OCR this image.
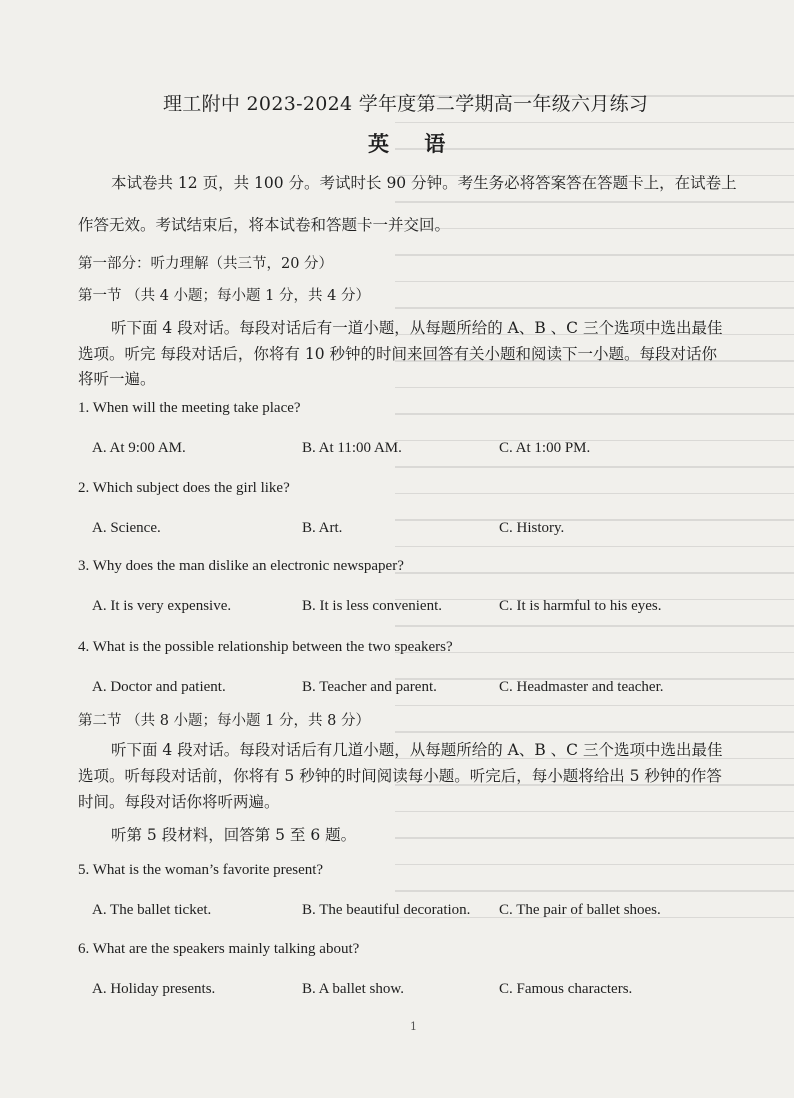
理工附中 2023-2024 学年度第二学期高一年级六月练习
英 语
本试卷共 12 页，共 100 分。考试时长 90 分钟。考生务必将答案答在答题卡上，在试卷上
作答无效。考试结束后，将本试卷和答题卡一并交回。
第一部分：听力理解（共三节，20 分）
第一节 （共 4 小题；每小题 1 分，共 4 分）
听下面 4 段对话。每段对话后有一道小题，从每题所给的 A、B 、C 三个选项中选出最佳
选项。听完 每段对话后，你将有 10 秒钟的时间来回答有关小题和阅读下一小题。每段对话你
将听一遍。
1. When will the meeting take place?
A. At 9:00 AM.	B. At 11:00 AM.	C. At 1:00 PM.
2. Which subject does the girl like?
A. Science.	B. Art.	C. History.
3. Why does the man dislike an electronic newspaper?
A. It is very expensive.	B. It is less convenient.	C. It is harmful to his eyes.
4. What is the possible relationship between the two speakers?
A. Doctor and patient.	B. Teacher and parent.	C. Headmaster and teacher.
第二节 （共 8 小题；每小题 1 分，共 8 分）
听下面 4 段对话。每段对话后有几道小题，从每题所给的 A、B 、C 三个选项中选出最佳
选项。听每段对话前，你将有 5 秒钟的时间阅读每小题。听完后，每小题将给出 5 秒钟的作答
时间。每段对话你将听两遍。
听第 5 段材料，回答第 5 至 6 题。
5. What is the woman’s favorite present?
A. The ballet ticket.	B. The beautiful decoration. C. The pair of ballet shoes.
6. What are the speakers mainly talking about?
A. Holiday presents.	B. A ballet show.	C. Famous characters.
1
